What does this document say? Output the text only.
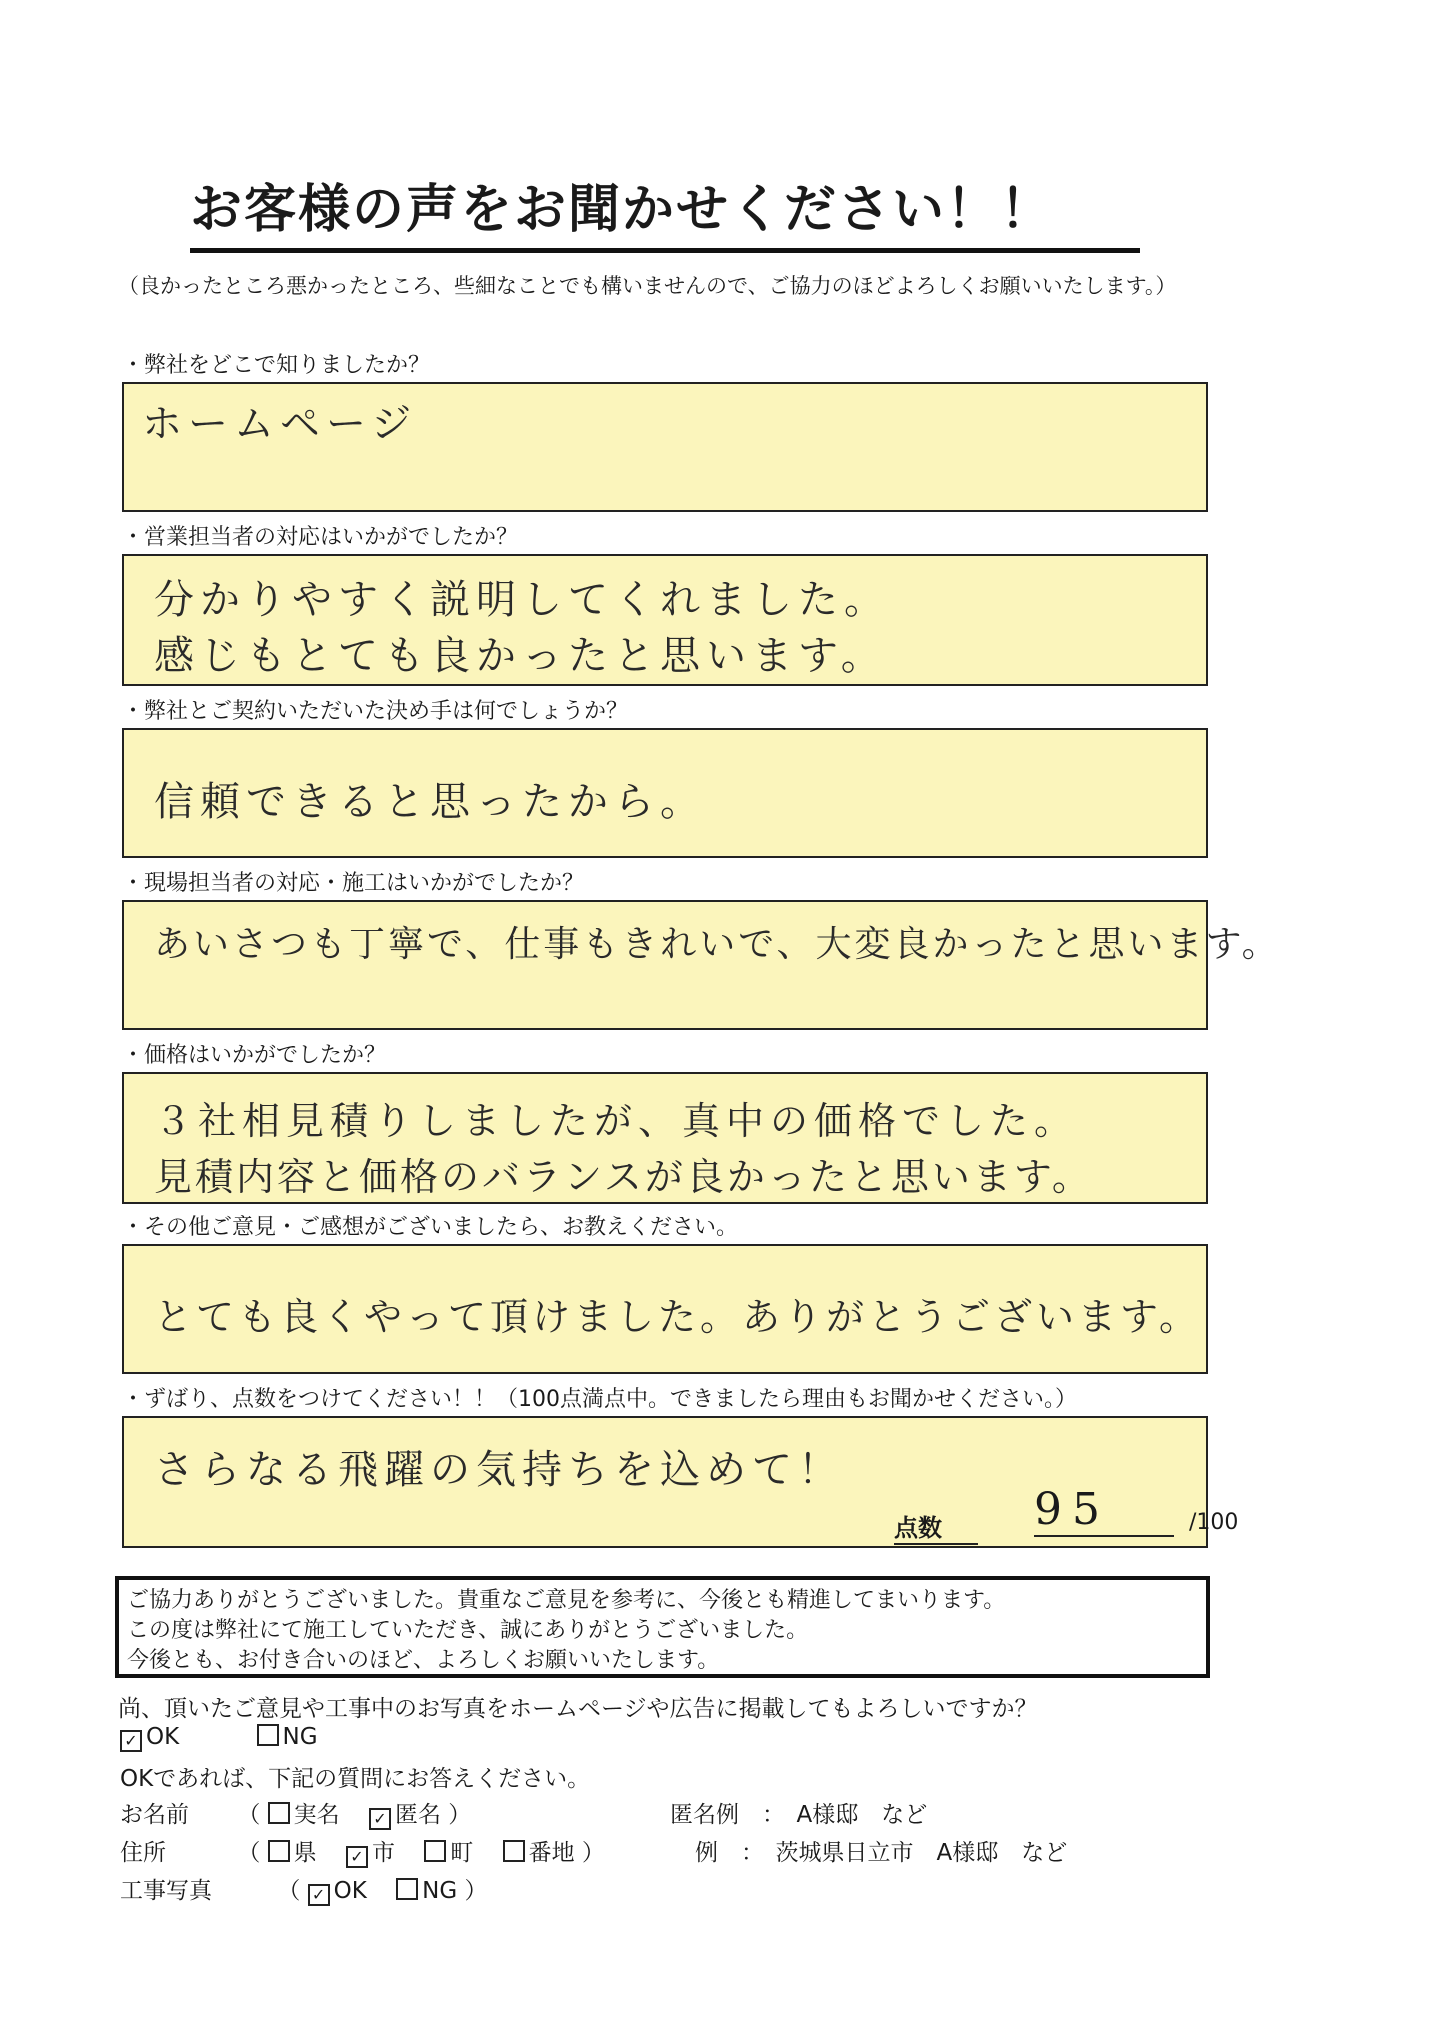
お客様の声をお聞かせください！！
（良かったところ悪かったところ、些細なことでも構いませんので、ご協力のほどよろしくお願いいたします。）
・弊社をどこで知りましたか？
ホームページ
・営業担当者の対応はいかがでしたか？
分かりやすく説明してくれました。
感じもとても良かったと思います。
・弊社とご契約いただいた決め手は何でしょうか？
信頼できると思ったから。
・現場担当者の対応・施工はいかがでしたか？
あいさつも丁寧で、仕事もきれいで、大変良かったと思います。
・価格はいかがでしたか？
３社相見積りしましたが、真中の価格でした。
見積内容と価格のバランスが良かったと思います。
・その他ご意見・ご感想がございましたら、お教えください。
とても良くやって頂けました。ありがとうございます。
・ずばり、点数をつけてください！！（100点満点中。できましたら理由もお聞かせください。）
さらなる飛躍の気持ちを込めて！
点数	95	/100
ご協力ありがとうございました。貴重なご意見を参考に、今後とも精進してまいります。
この度は弊社にて施工していただき、誠にありがとうございました。
今後とも、お付き合いのほど、よろしくお願いいたします。
尚、頂いたご意見や工事中のお写真をホームページや広告に掲載してもよろしいですか？
✓ OK	NG
OKであれば、下記の質問にお答えください。
お名前 （ 実名 ✓ 匿名 ）	匿名例　：　A様邸　など
住所	（ 県 ✓ 市 町 番地 ）	例　：　茨城県日立市　A様邸　など
工事写真	（ ✓ OK NG ）
